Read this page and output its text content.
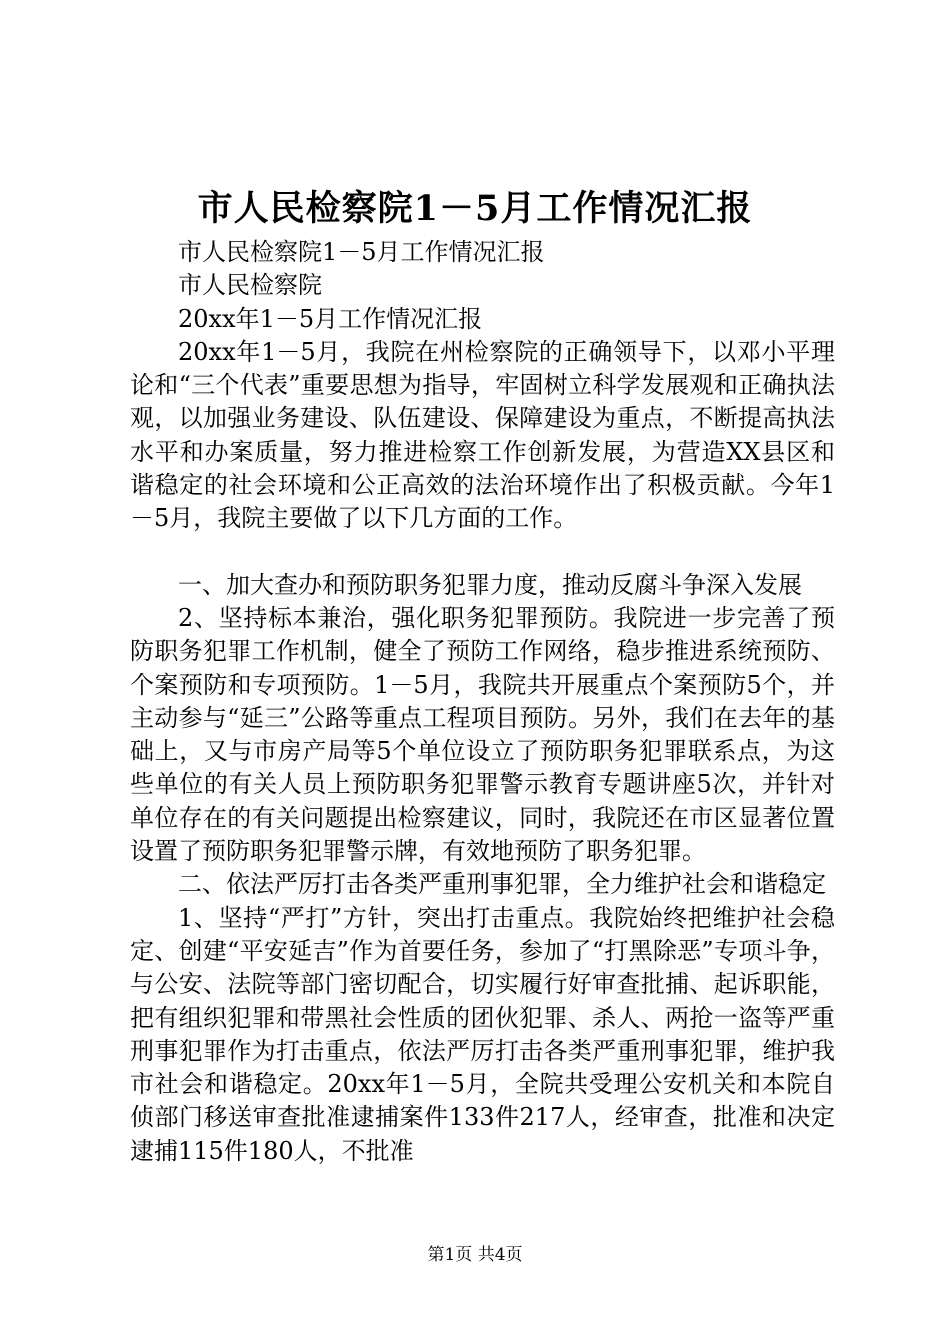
市人民检察院1－5月工作情况汇报

市人民检察院1－5月工作情况汇报

市人民检察院

20xx年1－5月工作情况汇报

20xx年1－5月，我院在州检察院的正确领导下，以邓小平理论和“三个代表”重要思想为指导，牢固树立科学发展观和正确执法观，以加强业务建设、队伍建设、保障建设为重点，不断提高执法水平和办案质量，努力推进检察工作创新发展，为营造XX县区和谐稳定的社会环境和公正高效的法治环境作出了积极贡献。今年1－5月，我院主要做了以下几方面的工作。

一、加大查办和预防职务犯罪力度，推动反腐斗争深入发展

2、坚持标本兼治，强化职务犯罪预防。我院进一步完善了预防职务犯罪工作机制，健全了预防工作网络，稳步推进系统预防、个案预防和专项预防。1－5月，我院共开展重点个案预防5个，并主动参与“延三”公路等重点工程项目预防。另外，我们在去年的基础上，又与市房产局等5个单位设立了预防职务犯罪联系点，为这些单位的有关人员上预防职务犯罪警示教育专题讲座5次，并针对单位存在的有关问题提出检察建议，同时，我院还在市区显著位置设置了预防职务犯罪警示牌，有效地预防了职务犯罪。

二、依法严厉打击各类严重刑事犯罪，全力维护社会和谐稳定

1、坚持“严打”方针，突出打击重点。我院始终把维护社会稳定、创建“平安延吉”作为首要任务，参加了“打黑除恶”专项斗争，与公安、法院等部门密切配合，切实履行好审查批捕、起诉职能，把有组织犯罪和带黑社会性质的团伙犯罪、杀人、两抢一盗等严重刑事犯罪作为打击重点，依法严厉打击各类严重刑事犯罪，维护我市社会和谐稳定。20xx年1－5月，全院共受理公安机关和本院自侦部门移送审查批准逮捕案件133件217人，经审查，批准和决定逮捕115件180人，不批准

第1页 共4页
